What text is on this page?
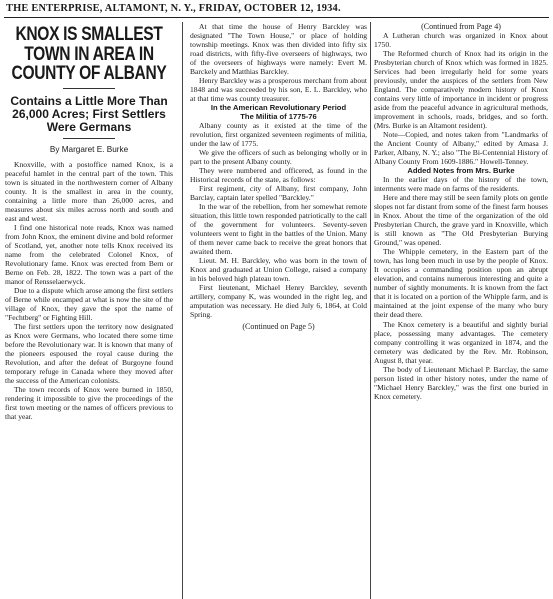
THE ENTERPRISE, ALTAMONT, N. Y., FRIDAY, OCTOBER 12, 1934.
KNOX IS SMALLEST TOWN IN AREA IN COUNTY OF ALBANY
Contains a Little More Than 26,000 Acres; First Settlers Were Germans
By Margaret E. Burke

Knoxville, with a postoffice named Knox, is a peaceful hamlet in the central part of the town. This town is situated in the northwestern corner of Albany county. It is the smallest in area in the county, containing a little more than 26,000 acres, and measures about six miles across north and south and east and west.

I find one historical note reads, Knox was named from John Knox, the eminent divine and bold reformer of Scotland, yet, another note tells Knox received its name from the celebrated Colonel Knox, of Revolutionary fame. Knox was erected from Bern or Berne on Feb. 28, 1822. The town was a part of the manor of Rensselaerwyck.

Due to a dispute which arose among the first settlers of Berne while encamped at what is now the site of the village of Knox, they gave the spot the name of "Fechtberg" or Fighting Hill.

The first settlers upon the territory now designated as Knox were Germans, who located there some time before the Revolutionary war. It is known that many of the pioneers espoused the royal cause during the Revolution, and after the defeat of Burgoyne found temporary refuge in Canada where they moved after the success of the American colonists.

The town records of Knox were burned in 1850, rendering it impossible to give the proceedings of the first town meeting or the names of officers previous to that year.

At that time the house of Henry Barckley was designated "The Town House," or place of holding township meetings. Knox was then divided into fifty six road districts, with fifty-five overseers of highways, two of the overseers of highways were namely: Evert M. Barckely and Matthias Barckley.

Henry Barckley was a prosperous merchant from about 1848 and was succeeded by his son, E. L. Barckley, who at that time was county treasurer.

In the American Revolutionary Period
The Militia of 1775-76

Albany county as it existed at the time of the revolution, first organized seventeen regiments of militia, under the law of 1775.

We give the officers of such as belonging wholly or in part to the present Albany county.

They were numbered and officered, as found in the Historical records of the state, as follows:

First regiment, city of Albany, first company, John Barclay, captain later spelled "Barckley."

In the war of the rebellion, from her somewhat remote situation, this little town responded patriotically to the call of the government for volunteers. Seventy-seven volunteers went to fight in the battles of the Union. Many of them never came back to receive the great honors that awaited them.

Lieut. M. H. Barckley, who was born in the town of Knox and graduated at Union College, raised a company in his beloved high plateau town.

First lieutenant, Michael Henry Barckley, seventh artillery, company K, was wounded in the right leg, and amputation was necessary. He died July 6, 1864, at Cold Spring.

(Continued on Page 5)
(Continued from Page 4)

A Lutheran church was organized in Knox about 1750.

The Reformed church of Knox had its origin in the Presbyterian church of Knox which was formed in 1825. Services had been irregularly held for some years previously, under the auspices of the settlers from New England. The comparatively modern history of Knox contains very little of importance in incident or progress aside from the peaceful advance in agricultural methods, improvement in schools, roads, bridges, and so forth. (Mrs. Burke is an Altamont resident).

Note—Copied, and notes taken from "Landmarks of the Ancient County of Albany," edited by Amasa J. Parker, Albany, N. Y.; also "The Bi-Centennial History of Albany County From 1609-1886." Howell-Tenney.

Added Notes from Mrs. Burke

In the earlier days of the history of the town, interments were made on farms of the residents.

Here and there may still be seen family plots on gentle slopes not far distant from some of the finest farm houses in Knox. About the time of the organization of the old Presbyterian Church, the grave yard in Knoxville, which is still known as "The Old Presbyterian Burying Ground," was opened.

The Whipple cemetery, in the Eastern part of the town, has long been much in use by the people of Knox. It occupies a commanding position upon an abrupt elevation, and contains numerous interesting and quite a number of sightly monuments. It is known from the fact that it is located on a portion of the Whipple farm, and is maintained at the joint expense of the many who bury their dead there.

The Knox cemetery is a beautiful and sightly burial place, possessing many advantages. The cemetery company controlling it was organized in 1874, and the cemetery was dedicated by the Rev. Mr. Robinson, August 8, that year.

The body of Lieutenant Michael P. Barclay, the same person listed in other history notes, under the name of "Michael Henry Barckley," was the first one buried in Knox cemetery.
